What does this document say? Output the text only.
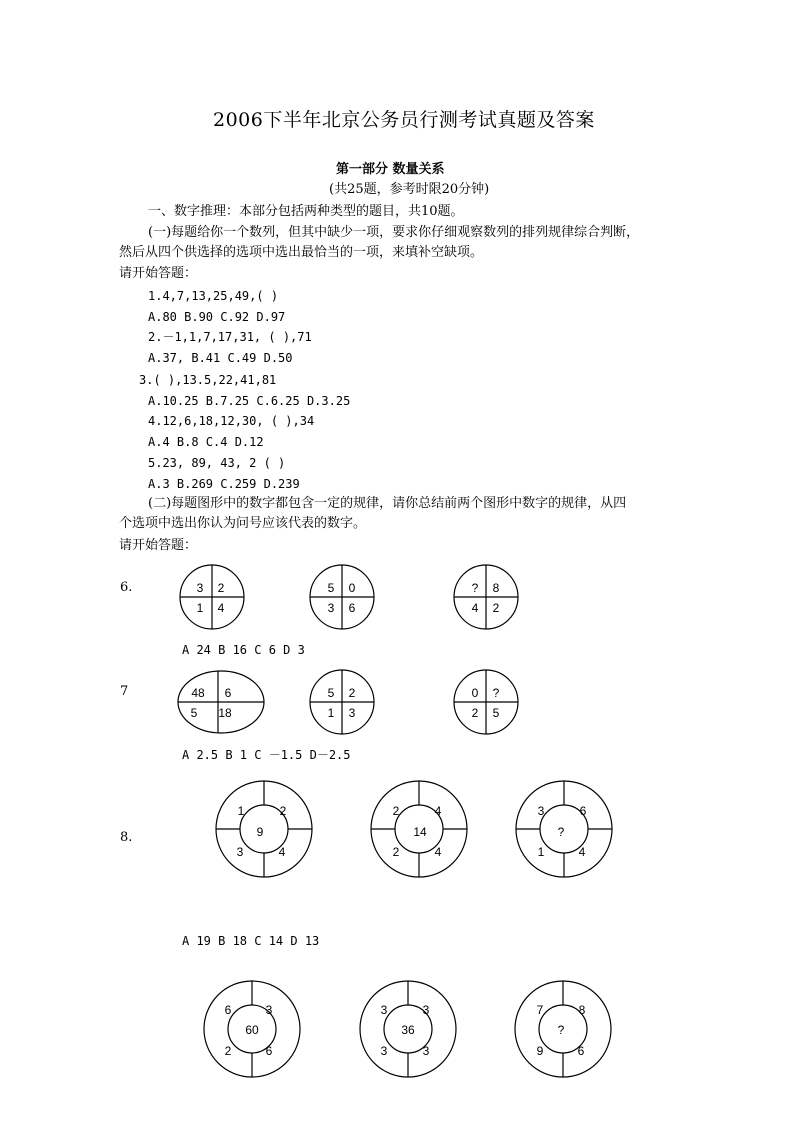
2006下半年北京公务员行测考试真题及答案
第一部分 数量关系
(共25题，参考时限20分钟)
一、数字推理：本部分包括两种类型的题目，共10题。
(一)每题给你一个数列，但其中缺少一项，要求你仔细观察数列的排列规律综合判断，
然后从四个供选择的选项中选出最恰当的一项，来填补空缺项。
请开始答题：
1.4,7,13,25,49,( )
A.80 B.90 C.92 D.97
2.－1,1,7,17,31, ( ),71
A.37, B.41 C.49 D.50
3.( ),13.5,22,41,81
A.10.25 B.7.25 C.6.25 D.3.25
4.12,6,18,12,30, ( ),34
A.4 B.8 C.4 D.12
5.23, 89, 43, 2 ( )
A.3 B.269 C.259 D.239
(二)每题图形中的数字都包含一定的规律，请你总结前两个图形中数字的规律，从四
个选项中选出你认为问号应该代表的数字。
请开始答题：
6.	3 2
1 4
5 0
3 6
? 8
4 2
48 6
5 18
5 2
1 3
0 ?
2 5
9
1	2
3	4
14
2	4
2	4
?
3	6
1	4
60
6	3
2	6
36
3	3
3	3
?
7	8
9	6
A 24 B 16 C 6 D 3
7
A 2.5 B 1 C －1.5 D－2.5
8.
A 19 B 18 C 14 D 13
